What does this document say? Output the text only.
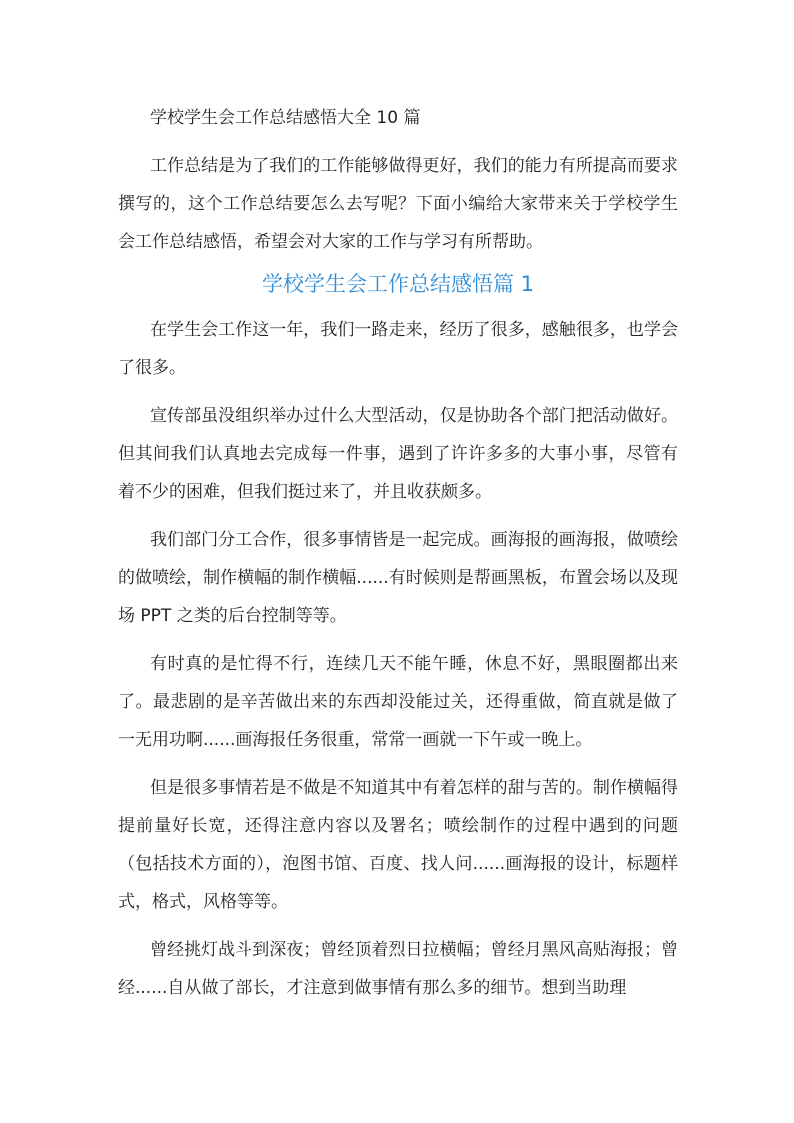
学校学生会工作总结感悟大全 10 篇

工作总结是为了我们的工作能够做得更好，我们的能力有所提高而要求撰写的，这个工作总结要怎么去写呢？下面小编给大家带来关于学校学生会工作总结感悟，希望会对大家的工作与学习有所帮助。

学校学生会工作总结感悟篇 1

在学生会工作这一年，我们一路走来，经历了很多，感触很多，也学会了很多。

宣传部虽没组织举办过什么大型活动，仅是协助各个部门把活动做好。但其间我们认真地去完成每一件事，遇到了许许多多的大事小事，尽管有着不少的困难，但我们挺过来了，并且收获颇多。

我们部门分工合作，很多事情皆是一起完成。画海报的画海报，做喷绘的做喷绘，制作横幅的制作横幅......有时候则是帮画黑板，布置会场以及现场 PPT 之类的后台控制等等。

有时真的是忙得不行，连续几天不能午睡，休息不好，黑眼圈都出来了。最悲剧的是辛苦做出来的东西却没能过关，还得重做，简直就是做了一无用功啊......画海报任务很重，常常一画就一下午或一晚上。

但是很多事情若是不做是不知道其中有着怎样的甜与苦的。制作横幅得提前量好长宽，还得注意内容以及署名；喷绘制作的过程中遇到的问题（包括技术方面的），泡图书馆、百度、找人问......画海报的设计，标题样式，格式，风格等等。

曾经挑灯战斗到深夜；曾经顶着烈日拉横幅；曾经月黑风高贴海报；曾经......自从做了部长，才注意到做事情有那么多的细节。想到当助理
